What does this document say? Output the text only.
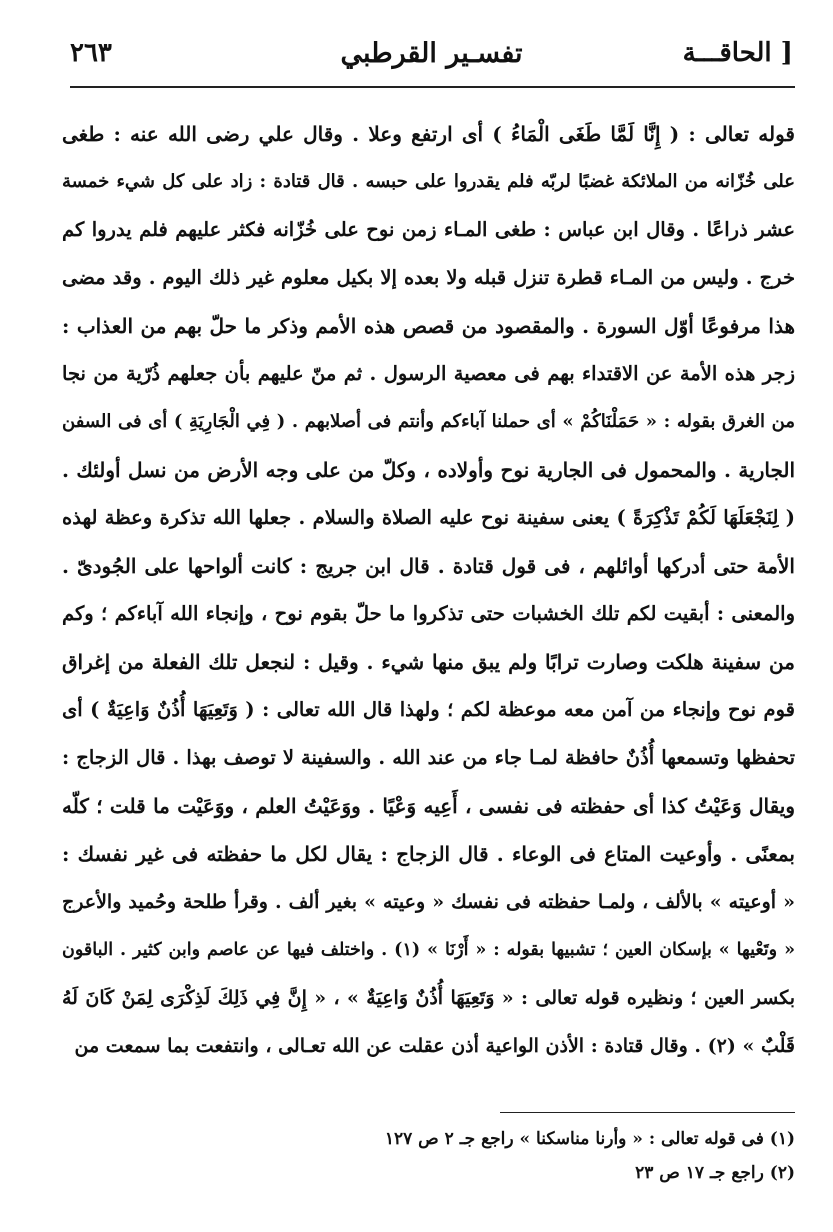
[ الحاقـــة
تفسـير القرطبي
٢٦٣
قوله تعالى : ( إِنَّا لَمَّا طَغَى الْمَاءُ ) أى ارتفع وعلا . وقال علي رضى الله عنه : طغى
على خُزّانه من الملائكة غضبًا لربّه فلم يقدروا على حبسه . قال قتادة : زاد على كل شيء خمسة
عشر ذراعًا . وقال ابن عباس : طغى المـاء زمن نوح على خُزّانه فكثر عليهم فلم يدروا كم
خرج . وليس من المـاء قطرة تنزل قبله ولا بعده إلا بكيل معلوم غير ذلك اليوم . وقد مضى
هذا مرفوعًا أوّل السورة . والمقصود من قصص هذه الأمم وذكر ما حلّ بهم من العذاب :
زجر هذه الأمة عن الاقتداء بهم فى معصية الرسول . ثم منّ عليهم بأن جعلهم ذُرّية من نجا
من الغرق بقوله : « حَمَلْنَاكُمْ » أى حملنا آباءكم وأنتم فى أصلابهم . ( فِي الْجَارِيَةِ ) أى فى السفن
الجارية . والمحمول فى الجارية نوح وأولاده ، وكلّ من على وجه الأرض من نسل أولئك .
( لِنَجْعَلَهَا لَكُمْ تَذْكِرَةً ) يعنى سفينة نوح عليه الصلاة والسلام . جعلها الله تذكرة وعظة لهذه
الأمة حتى أدركها أوائلهم ، فى قول قتادة . قال ابن جريج : كانت ألواحها على الجُودىّ .
والمعنى : أبقيت لكم تلك الخشبات حتى تذكروا ما حلّ بقوم نوح ، وإنجاء الله آباءكم ؛ وكم
من سفينة هلكت وصارت ترابًا ولم يبق منها شيء . وقيل : لنجعل تلك الفعلة من إغراق
قوم نوح وإنجاء من آمن معه موعظة لكم ؛ ولهذا قال الله تعالى : ( وَتَعِيَهَا أُذُنٌ وَاعِيَةٌ ) أى
تحفظها وتسمعها أُذُنٌ حافظة لمـا جاء من عند الله . والسفينة لا توصف بهذا . قال الزجاج :
ويقال وَعَيْتُ كذا أى حفظته فى نفسى ، أَعِيه وَعْيًا . ووَعَيْتُ العلم ، ووَعَيْت ما قلت ؛ كلّه
بمعنًى . وأوعيت المتاع فى الوعاء . قال الزجاج : يقال لكل ما حفظته فى غير نفسك :
« أوعيته » بالألف ، ولمـا حفظته فى نفسك « وعيته » بغير ألف . وقرأ طلحة وحُميد والأعرج
« وتَعْيها » بإسكان العين ؛ تشبيها بقوله : « أَرْنَا » (١) . واختلف فيها عن عاصم وابن كثير . الباقون
بكسر العين ؛ ونظيره قوله تعالى : « وَتَعِيَهَا أُذُنٌ وَاعِيَةٌ » ، « إِنَّ فِي ذَلِكَ لَذِكْرَى لِمَنْ كَانَ لَهُ
قَلْبٌ » (٢) . وقال قتادة : الأذن الواعية أذن عقلت عن الله تعـالى ، وانتفعت بما سمعت من
(١) فى قوله تعالى : « وأرنا مناسكنا » راجع جـ ٢ ص ١٢٧
(٢) راجع جـ ١٧ ص ٢٣
